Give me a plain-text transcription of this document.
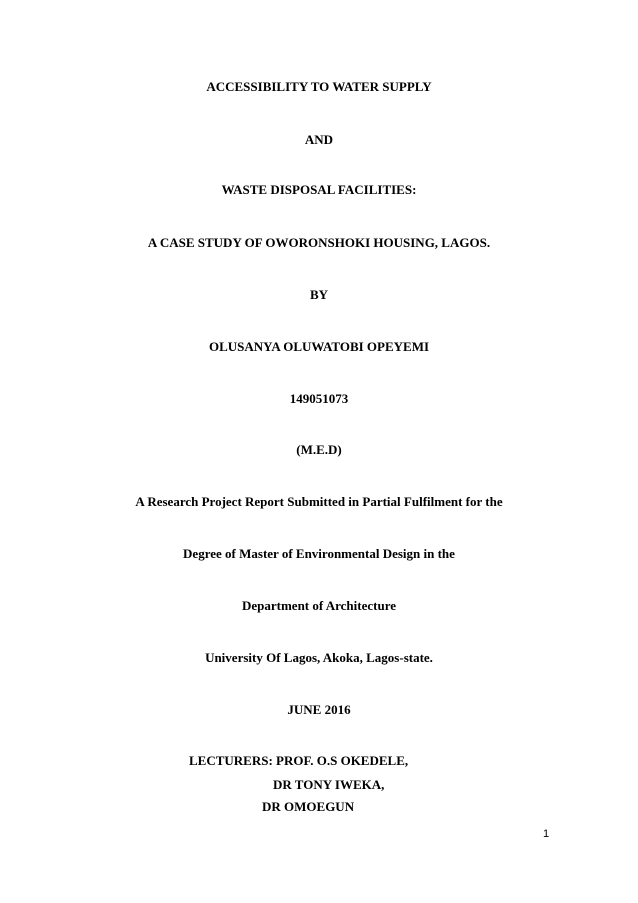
ACCESSIBILITY TO WATER SUPPLY
AND
WASTE DISPOSAL FACILITIES:
A CASE STUDY OF OWORONSHOKI HOUSING, LAGOS.
BY
OLUSANYA OLUWATOBI OPEYEMI
149051073
(M.E.D)
A Research Project Report Submitted in Partial Fulfilment for the
Degree of Master of Environmental Design in the
Department of Architecture
University Of Lagos, Akoka, Lagos-state.
JUNE 2016
LECTURERS: PROF. O.S OKEDELE,
DR TONY IWEKA,
DR OMOEGUN
1
